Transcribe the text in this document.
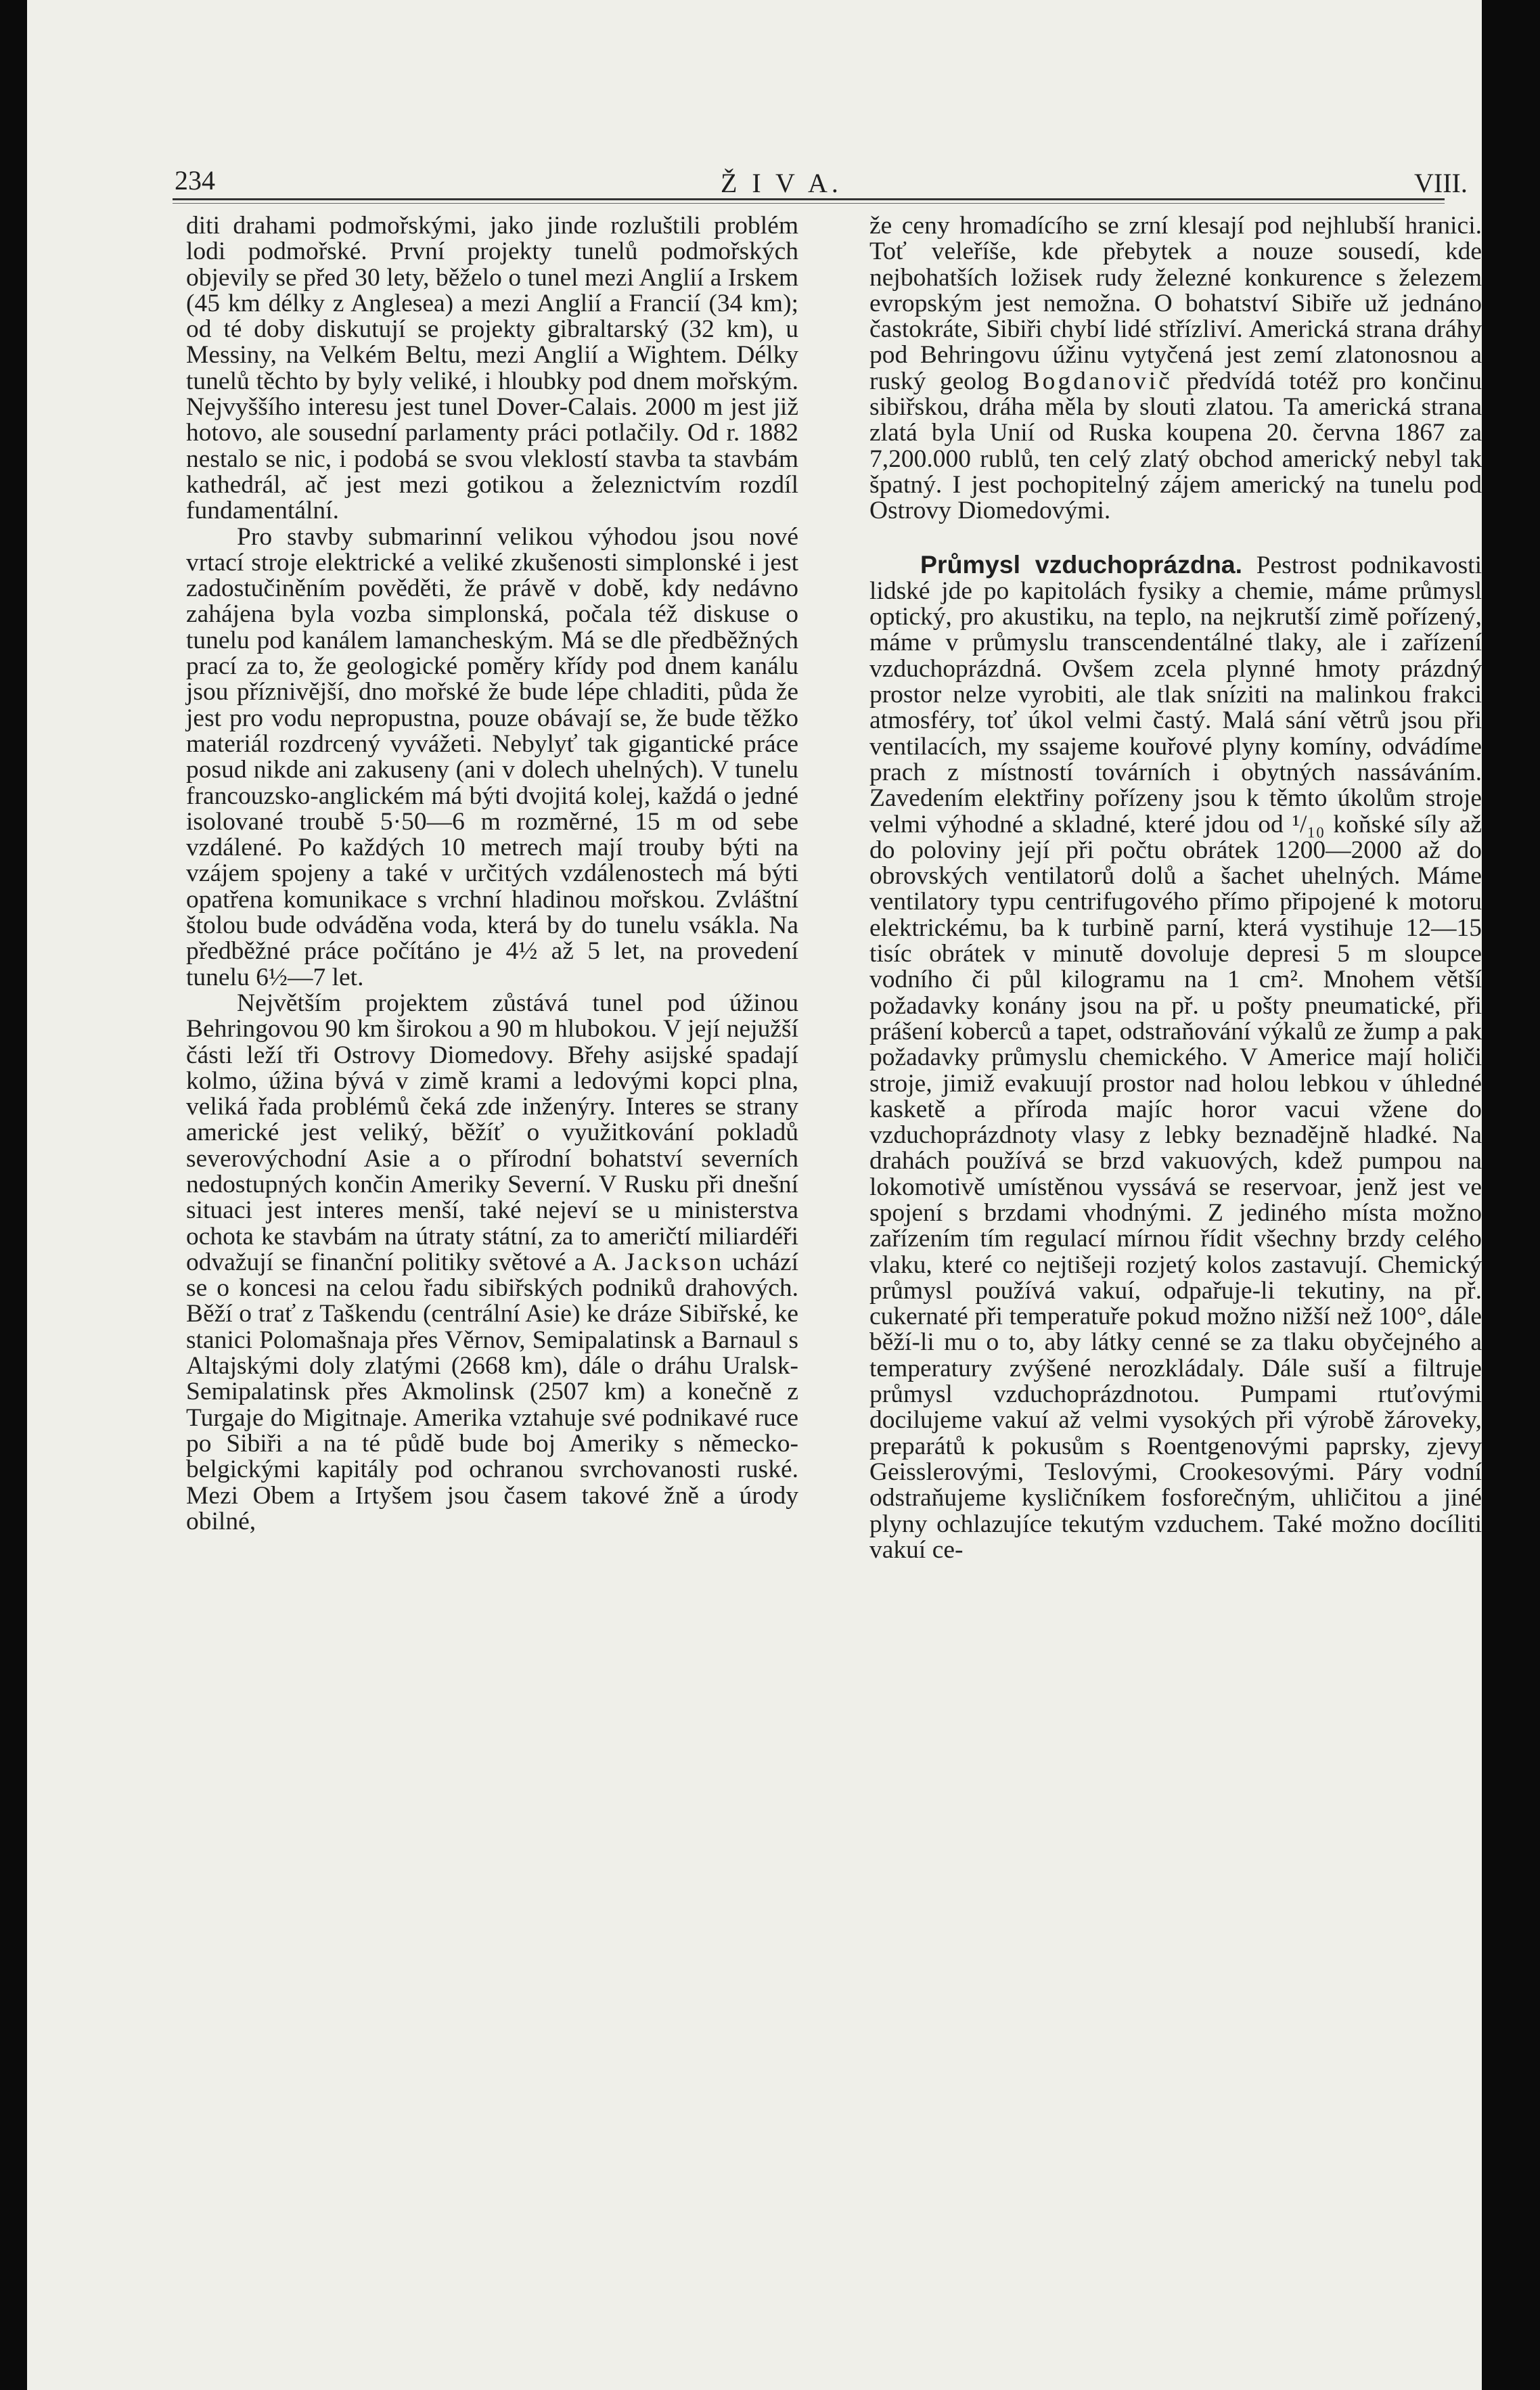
234	Ž I V A.	VIII.

diti drahami podmořskými, jako jinde rozluštili problém lodi podmořské. První projekty tunelů podmořských objevily se před 30 lety, běželo o tunel mezi Anglií a Irskem (45 km délky z Anglesea) a mezi Anglií a Francií (34 km); od té doby diskutují se projekty gibraltarský (32 km), u Messiny, na Velkém Beltu, mezi Anglií a Wightem. Délky tunelů těchto by byly veliké, i hloubky pod dnem mořským. Nejvyššího interesu jest tunel Dover-Calais. 2000 m jest již hotovo, ale sousední parlamenty práci potlačily. Od r. 1882 nestalo se nic, i podobá se svou vleklostí stavba ta stavbám kathedrál, ač jest mezi gotikou a železnictvím rozdíl fundamentální.

Pro stavby submarinní velikou výhodou jsou nové vrtací stroje elektrické a veliké zkušenosti simplonské i jest zadostučiněním pověděti, že právě v době, kdy nedávno zahájena byla vozba simplonská, počala též diskuse o tunelu pod kanálem lamancheským. Má se dle předběžných prací za to, že geologické poměry křídy pod dnem kanálu jsou příznivější, dno mořské že bude lépe chladiti, půda že jest pro vodu nepropustna, pouze obávají se, že bude těžko materiál rozdrcený vyvážeti. Nebylyť tak gigantické práce posud nikde ani zakuseny (ani v dolech uhelných). V tunelu francouzsko-anglickém má býti dvojitá kolej, každá o jedné isolované troubě 5·50—6 m rozměrné, 15 m od sebe vzdálené. Po každých 10 metrech mají trouby býti na vzájem spojeny a také v určitých vzdálenostech má býti opatřena komunikace s vrchní hladinou mořskou. Zvláštní štolou bude odváděna voda, která by do tunelu vsákla. Na předběžné práce počítáno je 4½ až 5 let, na provedení tunelu 6½—7 let.

Největším projektem zůstává tunel pod úžinou Behringovou 90 km širokou a 90 m hlubokou. V její nejužší části leží tři Ostrovy Diomedovy. Břehy asijské spadají kolmo, úžina bývá v zimě krami a ledovými kopci plna, veliká řada problémů čeká zde inženýry. Interes se strany americké jest veliký, běžíť o využitkování pokladů severovýchodní Asie a o přírodní bohatství severních nedostupných končin Ameriky Severní. V Rusku při dnešní situaci jest interes menší, také nejeví se u ministerstva ochota ke stavbám na útraty státní, za to američtí miliardéři odvažují se finanční politiky světové a A. Jackson uchází se o koncesi na celou řadu sibiřských podniků drahových. Běží o trať z Taškendu (centrální Asie) ke dráze Sibiřské, ke stanici Polomašnaja přes Věrnov, Semipalatinsk a Barnaul s Altajskými doly zlatými (2668 km), dále o dráhu Uralsk-Semipalatinsk přes Akmolinsk (2507 km) a konečně z Turgaje do Migitnaje. Amerika vztahuje své podnikavé ruce po Sibiři a na té půdě bude boj Ameriky s německo-belgickými kapitály pod ochranou svrchovanosti ruské. Mezi Obem a Irtyšem jsou časem takové žně a úrody obilné,

že ceny hromadícího se zrní klesají pod nejhlubší hranici. Toť veleříše, kde přebytek a nouze sousedí, kde nejbohatších ložisek rudy železné konkurence s železem evropským jest nemožna. O bohatství Sibiře už jednáno častokráte, Sibiři chybí lidé střízliví. Americká strana dráhy pod Behringovu úžinu vytyčená jest zemí zlatonosnou a ruský geolog Bogdanovič předvídá totéž pro končinu sibiřskou, dráha měla by slouti zlatou. Ta americká strana zlatá byla Unií od Ruska koupena 20. června 1867 za 7,200.000 rublů, ten celý zlatý obchod americký nebyl tak špatný. I jest pochopitelný zájem americký na tunelu pod Ostrovy Diomedovými.

Průmysl vzduchoprázdna. Pestrost podnikavosti lidské jde po kapitolách fysiky a chemie, máme průmysl optický, pro akustiku, na teplo, na nejkrutší zimě pořízený, máme v průmyslu transcendentálné tlaky, ale i zařízení vzduchoprázdná. Ovšem zcela plynné hmoty prázdný prostor nelze vyrobiti, ale tlak sníziti na malinkou frakci atmosféry, toť úkol velmi častý. Malá sání větrů jsou při ventilacích, my ssajeme kouřové plyny komíny, odvádíme prach z místností továrních i obytných nassáváním. Zavedením elektřiny pořízeny jsou k těmto úkolům stroje velmi výhodné a skladné, které jdou od ¹/₁₀ koňské síly až do poloviny její při počtu obrátek 1200—2000 až do obrovských ventilatorů dolů a šachet uhelných. Máme ventilatory typu centrifugového přímo připojené k motoru elektrickému, ba k turbině parní, která vystihuje 12—15 tisíc obrátek v minutě dovoluje depresi 5 m sloupce vodního či půl kilogramu na 1 cm². Mnohem větší požadavky konány jsou na př. u pošty pneumatické, při prášení koberců a tapet, odstraňování výkalů ze žump a pak požadavky průmyslu chemického. V Americe mají holiči stroje, jimiž evakuují prostor nad holou lebkou v úhledné kasketě a příroda majíc horor vacui vžene do vzduchoprázdnoty vlasy z lebky beznadějně hladké. Na drahách používá se brzd vakuových, kdež pumpou na lokomotivě umístěnou vyssává se reservoar, jenž jest ve spojení s brzdami vhodnými. Z jediného místa možno zařízením tím regulací mírnou řídit všechny brzdy celého vlaku, které co nejtišeji rozjetý kolos zastavují. Chemický průmysl používá vakuí, odpařuje-li tekutiny, na př. cukernaté při temperatuře pokud možno nižší než 100°, dále běží-li mu o to, aby látky cenné se za tlaku obyčejného a temperatury zvýšené nerozkládaly. Dále suší a filtruje průmysl vzduchoprázdnotou. Pumpami rtuťovými docilujeme vakuí až velmi vysokých při výrobě žároveky, preparátů k pokusům s Roentgenovými paprsky, zjevy Geisslerovými, Teslovými, Crookesovými. Páry vodní odstraňujeme kysličníkem fosforečným, uhličitou a jiné plyny ochlazujíce tekutým vzduchem. Také možno docíliti vakuí ce-
